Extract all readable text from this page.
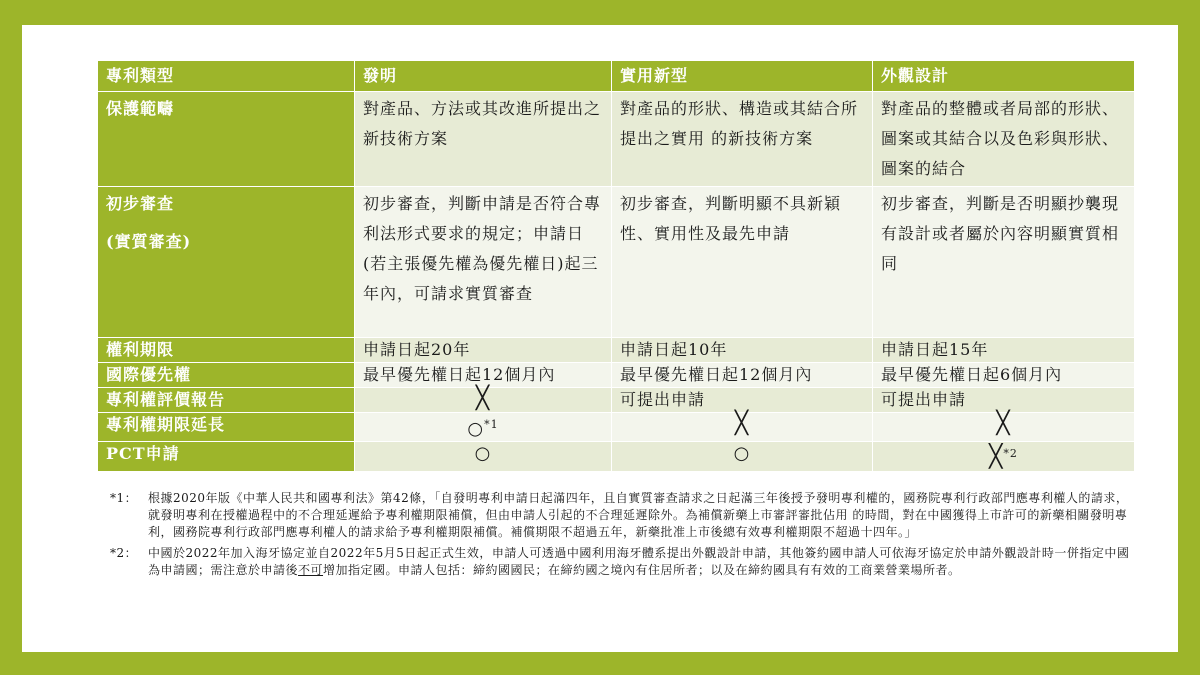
專利類型	發明	實用新型	外觀設計
保護範疇	對產品、方法或其改進所提出之新技術方案	對產品的形狀、構造或其結合所提出之實用 的新技術方案	對產品的整體或者局部的形狀、圖案或其結合以及色彩與形狀、圖案的結合
初步審查
(實質審查)	初步審查，判斷申請是否符合專利法形式要求的規定；申請日(若主張優先權為優先權日)起三年內，可請求實質審查	初步審查，判斷明顯不具新穎性、實用性及最先申請	初步審查，判斷是否明顯抄襲現有設計或者屬於內容明顯實質相同
權利期限	申請日起20年	申請日起10年	申請日起15年
國際優先權	最早優先權日起12個月內	最早優先權日起12個月內	最早優先權日起6個月內
專利權評價報告	╳	可提出申請	可提出申請
專利權期限延長	○$^{*1}$	╳	╳
PCT申請	○	○	╳$^{*2}$
*1： 根據2020年版《中華人民共和國專利法》第42條，「自發明專利申請日起滿四年，且自實質審查請求之日起滿三年後授予發明專利權的，國務院專利行政部門應專利權人的請求，就發明專利在授權過程中的不合理延遲給予專利權期限補償，但由申請人引起的不合理延遲除外。為補償新藥上市審評審批佔用 的時間，對在中國獲得上市許可的新藥相關發明專利，國務院專利行政部門應專利權人的請求給予專利權期限補償。補償期限不超過五年，新藥批准上市後總有效專利權期限不超過十四年。」
*2： 中國於2022年加入海牙協定並自2022年5月5日起正式生效，申請人可透過中國利用海牙體系提出外觀設計申請，其他簽約國申請人可依海牙協定於申請外觀設計時一併指定中國為申請國；需注意於申請後不可增加指定國。申請人包括：締約國國民；在締約國之境內有住居所者；以及在締約國具有有效的工商業營業場所者。
